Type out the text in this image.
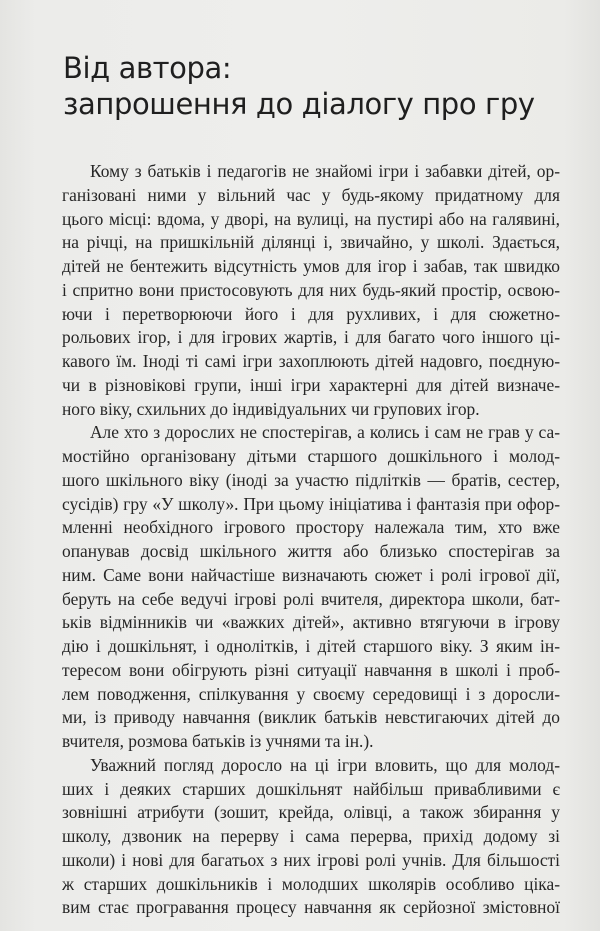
Від автора:
запрошення до діалогу про гру
Кому з батьків і педагогів не знайомі ігри і забавки дітей, ор-
ганізовані ними у вільний час у будь-якому придатному для
цього місці: вдома, у дворі, на вулиці, на пустирі або на галявині,
на річці, на пришкільній ділянці і, звичайно, у школі. Здається,
дітей не бентежить відсутність умов для ігор і забав, так швидко
і спритно вони пристосовують для них будь-який простір, освою-
ючи і перетворюючи його і для рухливих, і для сюжетно-
рольових ігор, і для ігрових жартів, і для багато чого іншого ці-
кавого їм. Іноді ті самі ігри захоплюють дітей надовго, поєдную-
чи в різновікові групи, інші ігри характерні для дітей визначе-
ного віку, схильних до індивідуальних чи групових ігор.
Але хто з дорослих не спостерігав, а колись і сам не грав у са-
мостійно організовану дітьми старшого дошкільного і молод-
шого шкільного віку (іноді за участю підлітків — братів, сестер,
сусідів) гру «У школу». При цьому ініціатива і фантазія при офор-
мленні необхідного ігрового простору належала тим, хто вже
опанував досвід шкільного життя або близько спостерігав за
ним. Саме вони найчастіше визначають сюжет і ролі ігрової дії,
беруть на себе ведучі ігрові ролі вчителя, директора школи, бат-
ьків відмінників чи «важких дітей», активно втягуючи в ігрову
дію і дошкільнят, і однолітків, і дітей старшого віку. З яким ін-
тересом вони обігрують різні ситуації навчання в школі і проб-
лем поводження, спілкування у своєму середовищі і з доросли-
ми, із приводу навчання (виклик батьків невстигаючих дітей до
вчителя, розмова батьків із учнями та ін.).
Уважний погляд доросло на ці ігри вловить, що для молод-
ших і деяких старших дошкільнят найбільш привабливими є
зовнішні атрибути (зошит, крейда, олівці, а також збирання у
школу, дзвоник на перерву і сама перерва, прихід додому зі
школи) і нові для багатьох з них ігрові ролі учнів. Для більшості
ж старших дошкільників і молодших школярів особливо ціка-
вим стає програвання процесу навчання як серйозної змістовної
